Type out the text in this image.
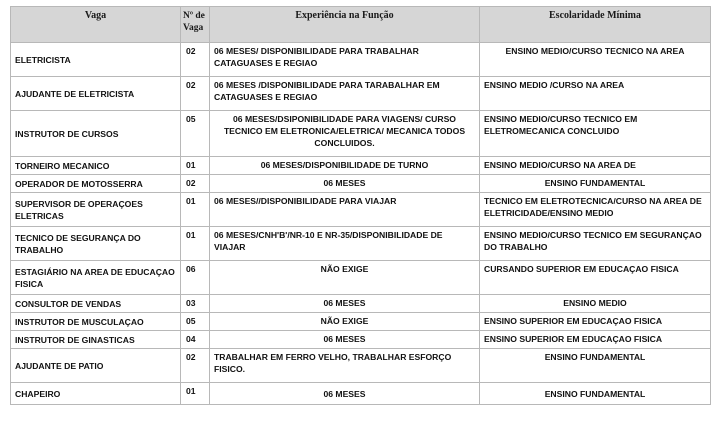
Vaga	Nº de Vaga	Experiência na Função	Escolaridade Mínima
ELETRICISTA	02	06 MESES/ DISPONIBILIDADE PARA TRABALHAR CATAGUASES E REGIAO	ENSINO MEDIO/CURSO TECNICO NA AREA
AJUDANTE DE ELETRICISTA	02	06 MESES /DISPONIBILIDADE PARA TARABALHAR EM CATAGUASES E REGIAO	ENSINO MEDIO /CURSO NA AREA
INSTRUTOR DE CURSOS	05	06 MESES/DSIPONIBILIDADE PARA VIAGENS/ CURSO TECNICO EM ELETRONICA/ELETRICA/ MECANICA TODOS CONCLUIDOS.	ENSINO MEDIO/CURSO TECNICO EM ELETROMECANICA CONCLUIDO
TORNEIRO MECANICO	01	06 MESES/DISPONIBILIDADE DE TURNO	ENSINO MEDIO/CURSO NA AREA DE
OPERADOR DE MOTOSSERRA	02	06 MESES	ENSINO FUNDAMENTAL
SUPERVISOR DE OPERAÇOES ELETRICAS	01	06 MESES//DISPONIBILIDADE PARA VIAJAR	TECNICO EM ELETROTECNICA/CURSO NA AREA DE ELETRICIDADE/ENSINO MEDIO
TECNICO DE SEGURANÇA DO TRABALHO	01	06 MESES/CNH'B'/NR-10 E NR-35/DISPONIBILIDADE DE VIAJAR	ENSINO MEDIO/CURSO TECNICO EM SEGURANÇAO DO TRABALHO
ESTAGIÁRIO NA AREA DE EDUCAÇAO FISICA	06	NÃO EXIGE	CURSANDO SUPERIOR EM EDUCAÇAO FISICA
CONSULTOR DE VENDAS	03	06 MESES	ENSINO MEDIO
INSTRUTOR DE MUSCULAÇAO	05	NÃO EXIGE	ENSINO SUPERIOR EM EDUCAÇAO FISICA
INSTRUTOR DE GINASTICAS	04	06 MESES	ENSINO SUPERIOR EM EDUCAÇAO FISICA
AJUDANTE DE PATIO	02	TRABALHAR EM FERRO VELHO, TRABALHAR ESFORÇO FISICO.	ENSINO FUNDAMENTAL
CHAPEIRO	01	06 MESES	ENSINO FUNDAMENTAL
